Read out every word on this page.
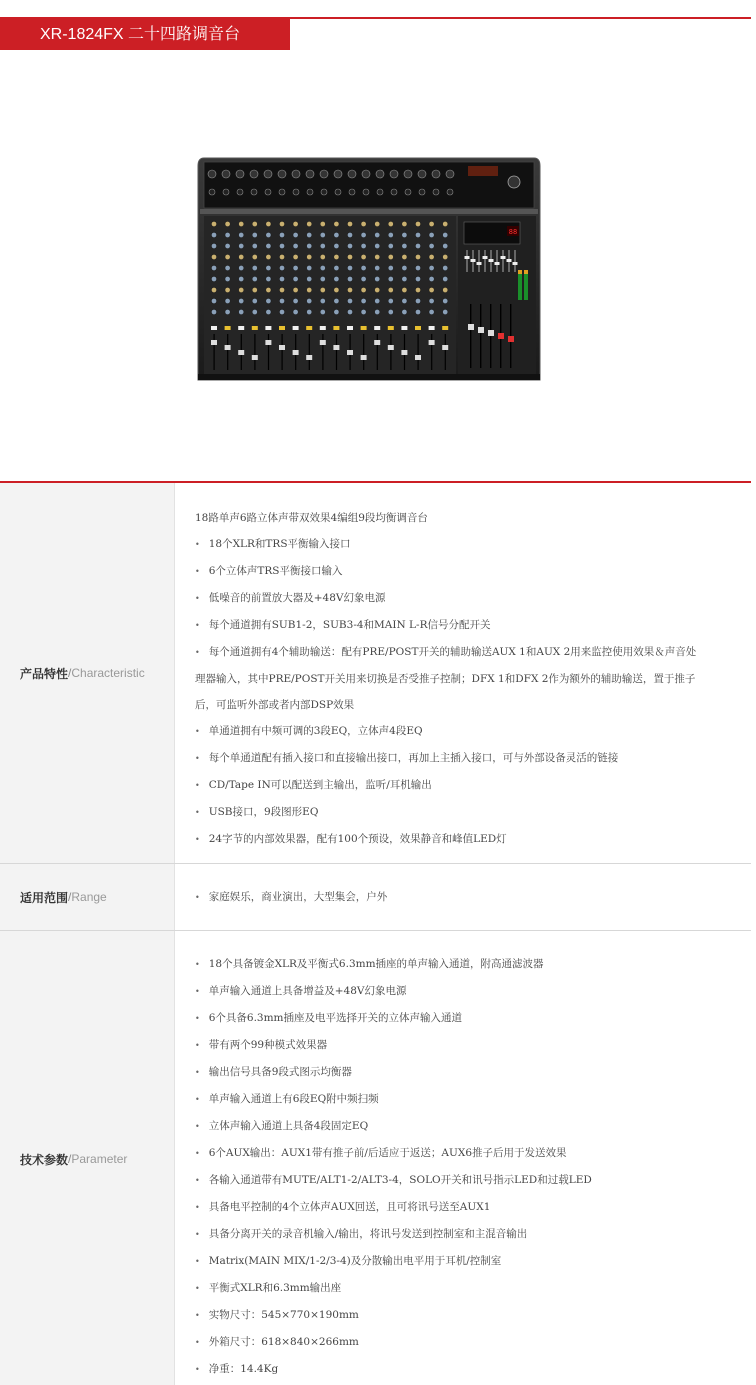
XR-1824FX 二十四路调音台
88
产品特性 / Characteristic

18路单声6路立体声带双效果4编组9段均衡调音台

• 18个XLR和TRS平衡输入接口

• 6个立体声TRS平衡接口输入

• 低噪音的前置放大器及+48V幻象电源

• 每个通道拥有SUB1-2，SUB3-4和MAIN L-R信号分配开关

• 每个通道拥有4个辅助输送：配有PRE/POST开关的辅助输送AUX 1和AUX 2用来监控使用效果＆声音处

理器输入，其中PRE/POST开关用来切换是否受推子控制；DFX 1和DFX 2作为额外的辅助输送，置于推子

后，可监听外部或者内部DSP效果

• 单通道拥有中频可调的3段EQ，立体声4段EQ

• 每个单通道配有插入接口和直接输出接口，再加上主插入接口，可与外部设备灵活的链接

• CD/Tape IN可以配送到主输出，监听/耳机输出

• USB接口，9段图形EQ

• 24字节的内部效果器，配有100个预设，效果静音和峰值LED灯

适用范围 / Range	• 家庭娱乐，商业演出，大型集会，户外

技术参数 / Parameter

• 18个具备镀金XLR及平衡式6.3mm插座的单声输入通道，附高通滤波器

• 单声输入通道上具备增益及+48V幻象电源

• 6个具备6.3mm插座及电平选择开关的立体声输入通道

• 带有两个99种模式效果器

• 输出信号具备9段式图示均衡器

• 单声输入通道上有6段EQ附中频扫频

• 立体声输入通道上具备4段固定EQ

• 6个AUX输出：AUX1带有推子前/后适应于返送；AUX6推子后用于发送效果

• 各输入通道带有MUTE/ALT1-2/ALT3-4，SOLO开关和讯号指示LED和过载LED

• 具备电平控制的4个立体声AUX回送，且可将讯号送至AUX1

• 具备分离开关的录音机输入/输出，将讯号发送到控制室和主混音输出

• Matrix(MAIN MIX/1-2/3-4)及分散输出电平用于耳机/控制室

• 平衡式XLR和6.3mm输出座

• 实物尺寸：545×770×190mm

• 外箱尺寸：618×840×266mm

• 净重：14.4Kg
